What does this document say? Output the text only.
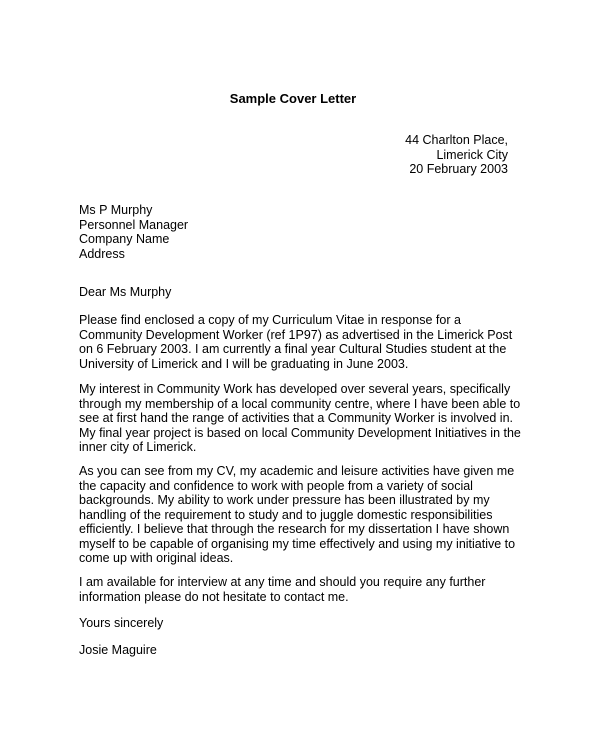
Sample Cover Letter
44 Charlton Place,
Limerick City
20 February 2003
Ms P Murphy
Personnel Manager
Company Name
Address
Dear Ms Murphy
Please find enclosed a copy of my Curriculum Vitae in response for a
Community Development Worker (ref 1P97) as advertised in the Limerick Post
on 6 February 2003. I am currently a final year Cultural Studies student at the
University of Limerick and I will be graduating in June 2003.
My interest in Community Work has developed over several years, specifically
through my membership of a local community centre, where I have been able to
see at first hand the range of activities that a Community Worker is involved in.
My final year project is based on local Community Development Initiatives in the
inner city of Limerick.
As you can see from my CV, my academic and leisure activities have given me
the capacity and confidence to work with people from a variety of social
backgrounds. My ability to work under pressure has been illustrated by my
handling of the requirement to study and to juggle domestic responsibilities
efficiently. I believe that through the research for my dissertation I have shown
myself to be capable of organising my time effectively and using my initiative to
come up with original ideas.
I am available for interview at any time and should you require any further
information please do not hesitate to contact me.
Yours sincerely
Josie Maguire
